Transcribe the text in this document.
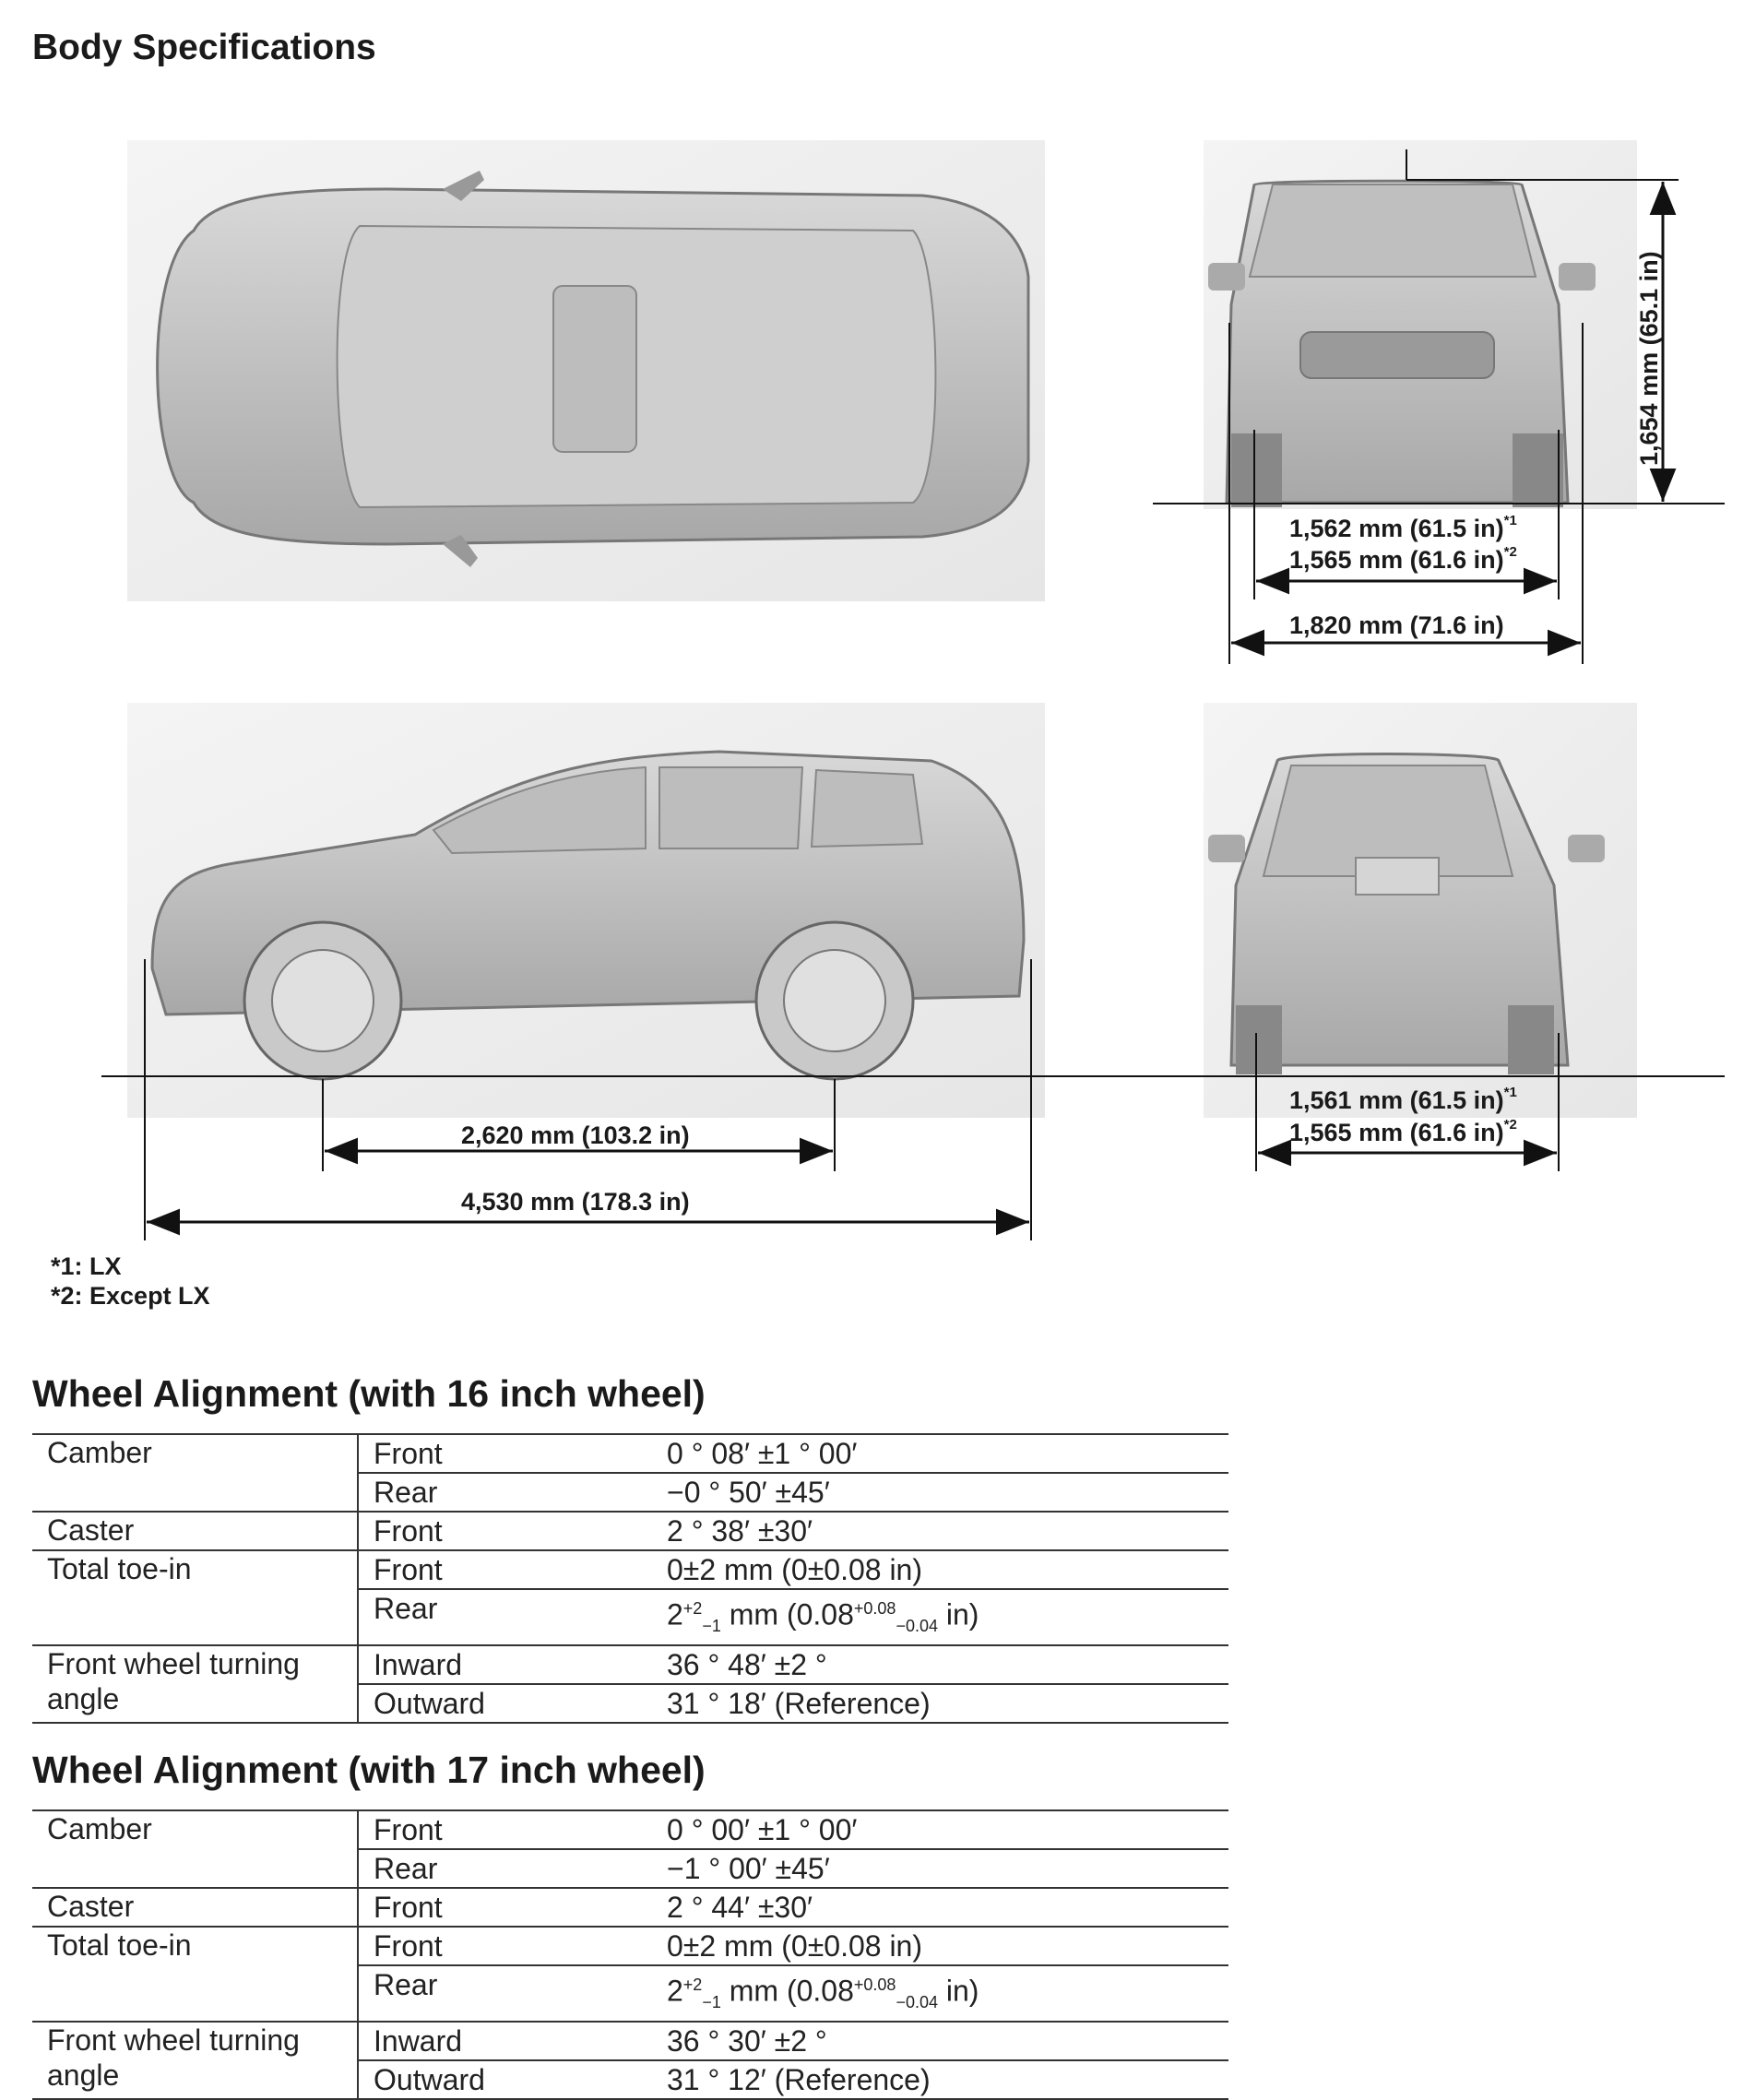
Body Specifications
1,654 mm (65.1 in)
1,562 mm (61.5 in)$^{*1}$
1,565 mm (61.6 in)$^{*2}$
1,820 mm (71.6 in)
2,620 mm (103.2 in)
4,530 mm (178.3 in)
1,561 mm (61.5 in)$^{*1}$
1,565 mm (61.6 in)$^{*2}$
*1: LX
*2: Except LX
Wheel Alignment (with 16 inch wheel)
Camber	Front	0 ° 08′ ±1 ° 00′
	Rear	−0 ° 50′ ±45′
Caster	Front	2 ° 38′ ±30′
Total toe-in	Front	0±2 mm (0±0.08 in)
	Rear	$2^{+2}_{-1}$ mm ($0.08^{+0.08}_{-0.04}$ in)
Front wheel turning
angle	Inward	36 ° 48′ ±2 °
	Outward	31 ° 18′ (Reference)
Wheel Alignment (with 17 inch wheel)
Camber	Front	0 ° 00′ ±1 ° 00′
	Rear	−1 ° 00′ ±45′
Caster	Front	2 ° 44′ ±30′
Total toe-in	Front	0±2 mm (0±0.08 in)
	Rear	$2^{+2}_{-1}$ mm ($0.08^{+0.08}_{-0.04}$ in)
Front wheel turning
angle	Inward	36 ° 30′ ±2 °
	Outward	31 ° 12′ (Reference)
